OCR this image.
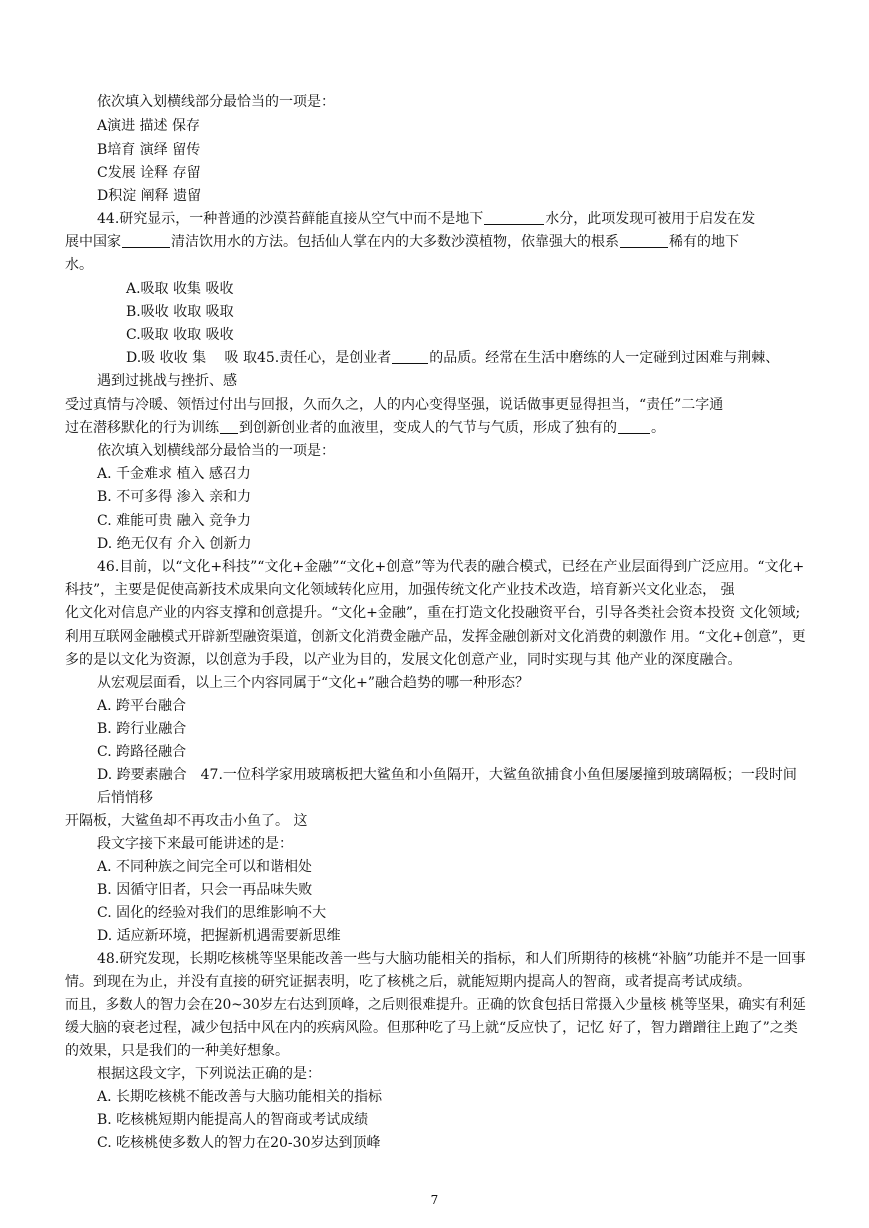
依次填入划横线部分最恰当的一项是：
A演进 描述 保存
B培育 演绎 留传
C发展 诠释 存留
D积淀 阐释 遗留
44.研究显示，一种普通的沙漠苔藓能直接从空气中而不是地下	水分，此项发现可被用于启发在发
展中国家	清洁饮用水的方法。包括仙人掌在内的大多数沙漠植物，依靠强大的根系	稀有的地下
水。
A.吸取 收集 吸收
B.吸收 收取 吸取
C.吸取 收取 吸收
D.吸 收收 集　 吸 取45.责任心，是创业者	的品质。经常在生活中磨练的人一定碰到过困难与荆棘、
遇到过挑战与挫折、感
受过真情与冷暖、领悟过付出与回报，久而久之，人的内心变得坚强，说话做事更显得担当，“责任”二字通
过在潜移默化的行为训练 到创新创业者的血液里，变成人的气节与气质，形成了独有的 。
依次填入划横线部分最恰当的一项是：
A. 千金难求 植入 感召力
B. 不可多得 渗入 亲和力
C. 难能可贵 融入 竞争力
D. 绝无仅有 介入 创新力
46.目前，以“文化+科技”“文化+金融”“文化+创意”等为代表的融合模式，已经在产业层面得到广泛应用。“文化+
科技”，主要是促使高新技术成果向文化领域转化应用，加强传统文化产业技术改造，培育新兴文化业态， 强
化文化对信息产业的内容支撑和创意提升。“文化+金融”，重在打造文化投融资平台，引导各类社会资本投资 文化领域;
利用互联网金融模式开辟新型融资渠道，创新文化消费金融产品，发挥金融创新对文化消费的刺激作 用。“文化+创意”，更
多的是以文化为资源，以创意为手段，以产业为目的，发展文化创意产业，同时实现与其 他产业的深度融合。
从宏观层面看，以上三个内容同属于“文化+”融合趋势的哪一种形态？
A. 跨平台融合
B. 跨行业融合
C. 跨路径融合
D. 跨要素融合　47.一位科学家用玻璃板把大鲨鱼和小鱼隔开，大鲨鱼欲捕食小鱼但屡屡撞到玻璃隔板；一段时间
后悄悄移
开隔板，大鲨鱼却不再攻击小鱼了。 这
段文字接下来最可能讲述的是：
A. 不同种族之间完全可以和谐相处
B. 因循守旧者，只会一再品味失败
C. 固化的经验对我们的思维影响不大
D. 适应新环境，把握新机遇需要新思维
48.研究发现，长期吃核桃等坚果能改善一些与大脑功能相关的指标，和人们所期待的核桃“补脑”功能并不是一回事
情。到现在为止，并没有直接的研究证据表明，吃了核桃之后，就能短期内提高人的智商，或者提高考试成绩。
而且，多数人的智力会在20~30岁左右达到顶峰，之后则很难提升。正确的饮食包括日常摄入少量核 桃等坚果，确实有利延
缓大脑的衰老过程，减少包括中风在内的疾病风险。但那种吃了马上就“反应快了，记忆 好了，智力蹭蹭往上跑了”之类
的效果，只是我们的一种美好想象。
根据这段文字，下列说法正确的是：
A. 长期吃核桃不能改善与大脑功能相关的指标
B. 吃核桃短期内能提高人的智商或考试成绩
C. 吃核桃使多数人的智力在20-30岁达到顶峰
7
